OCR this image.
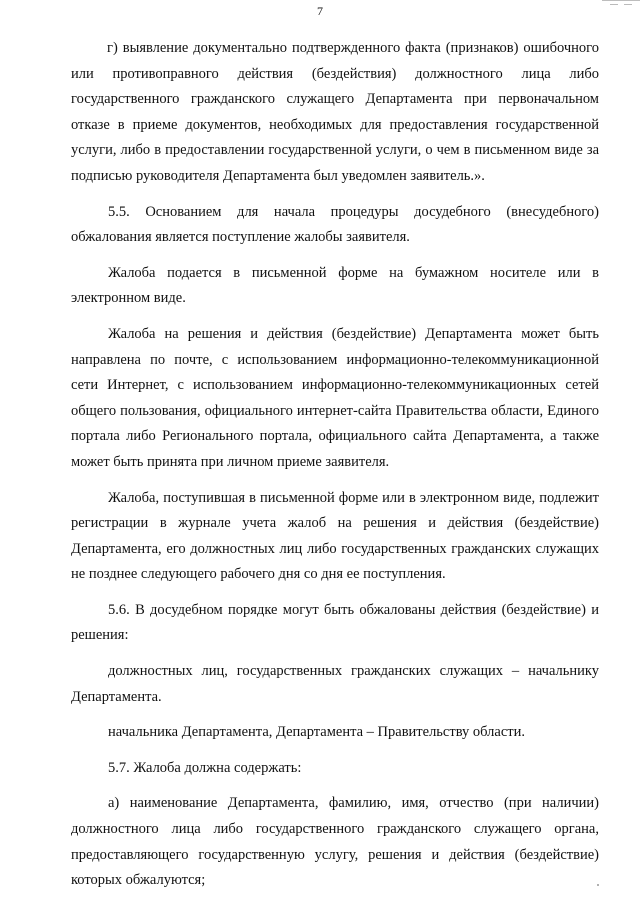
7

г) выявление документально подтвержденного факта (признаков) ошибочного или противоправного действия (бездействия) должностного лица либо государственного гражданского служащего Департамента при первоначальном отказе в приеме документов, необходимых для предоставления государственной услуги, либо в предоставлении государственной услуги, о чем в письменном виде за подписью руководителя Департамента был уведомлен заявитель.».

5.5. Основанием для начала процедуры досудебного (внесудебного) обжалования является поступление жалобы заявителя.

Жалоба подается в письменной форме на бумажном носителе или в электронном виде.

Жалоба на решения и действия (бездействие) Департамента может быть направлена по почте, с использованием информационно-телекоммуникационной сети Интернет, с использованием информационно-телекоммуникационных сетей общего пользования, официального интернет-сайта Правительства области, Единого портала либо Регионального портала, официального сайта Департамента, а также может быть принята при личном приеме заявителя.

Жалоба, поступившая в письменной форме или в электронном виде, подлежит регистрации в журнале учета жалоб на решения и действия (бездействие) Департамента, его должностных лиц либо государственных гражданских служащих не позднее следующего рабочего дня со дня ее поступления.

5.6. В досудебном порядке могут быть обжалованы действия (бездействие) и решения:

должностных лиц, государственных гражданских служащих – начальнику Департамента.

начальника Департамента, Департамента – Правительству области.

5.7. Жалоба должна содержать:

а) наименование Департамента, фамилию, имя, отчество (при наличии) должностного лица либо государственного гражданского служащего органа, предоставляющего государственную услугу, решения и действия (бездействие) которых обжалуются;
